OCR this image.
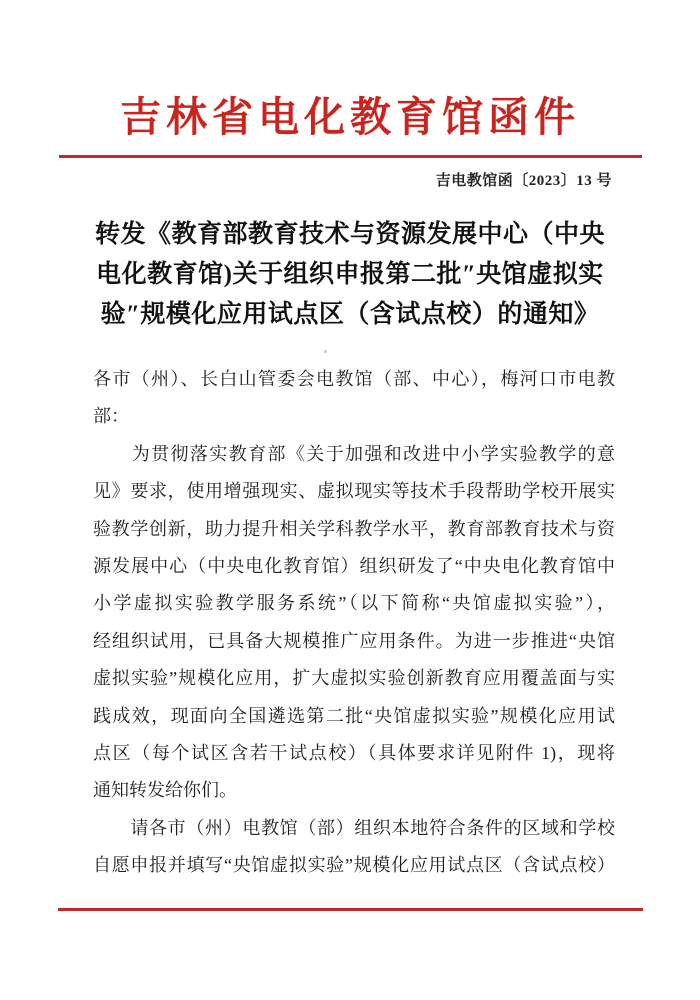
吉林省电化教育馆函件
吉电教馆函〔2023〕13 号
转发《教育部教育技术与资源发展中心（中央
电化教育馆)关于组织申报第二批″央馆虚拟实
验″规模化应用试点区（含试点校）的通知》
各市（州）、长白山管委会电教馆（部、中心），梅河口市电教
部：
　　为贯彻落实教育部《关于加强和改进中小学实验教学的意
见》要求，使用增强现实、虚拟现实等技术手段帮助学校开展实
验教学创新，助力提升相关学科教学水平，教育部教育技术与资
源发展中心（中央电化教育馆）组织研发了“中央电化教育馆中
小学虚拟实验教学服务系统”（以下简称“央馆虚拟实验”），
经组织试用，已具备大规模推广应用条件。为进一步推进“央馆
虚拟实验”规模化应用，扩大虚拟实验创新教育应用覆盖面与实
践成效，现面向全国遴选第二批“央馆虚拟实验”规模化应用试
点区（每个试区含若干试点校）（具体要求详见附件 1)，现将
通知转发给你们。
　　请各市（州）电教馆（部）组织本地符合条件的区域和学校
自愿申报并填写“央馆虚拟实验”规模化应用试点区（含试点校）
